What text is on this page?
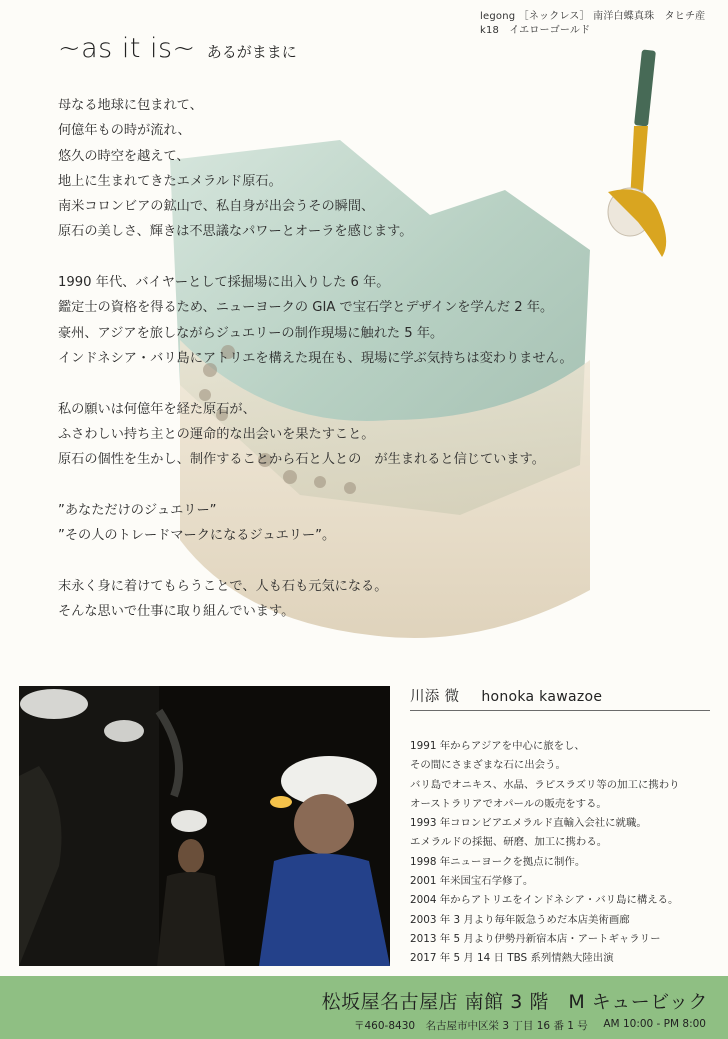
legong ［ネックレス］ 南洋白蝶真珠　タヒチ産
k18　イエローゴールド
~as it is~ あるがままに
母なる地球に包まれて、
何億年もの時が流れ、
悠久の時空を越えて、
地上に生まれてきたエメラルド原石。
南米コロンビアの鉱山で、私自身が出会うその瞬間、
原石の美しさ、輝きは不思議なパワーとオーラを感じます。
1990 年代、バイヤーとして採掘場に出入りした 6 年。
鑑定士の資格を得るため、ニューヨークの GIA で宝石学とデザインを学んだ 2 年。
豪州、アジアを旅しながらジュエリーの制作現場に触れた 5 年。
インドネシア・バリ島にアトリエを構えた現在も、現場に学ぶ気持ちは変わりません。
私の願いは何億年を経た原石が、
ふさわしい持ち主との運命的な出会いを果たすこと。
原石の個性を生かし、制作することから石と人との　が生まれると信じています。
”あなただけのジュエリー”
”その人のトレードマークになるジュエリー”。
末永く身に着けてもらうことで、人も石も元気になる。
そんな思いで仕事に取り組んでいます。
川添 微 honoka kawazoe
1991 年からアジアを中心に旅をし、
その間にさまざまな石に出会う。
バリ島でオニキス、水晶、ラピスラズリ等の加工に携わり
オーストラリアでオパールの販売をする。
1993 年コロンビアエメラルド直輸入会社に就職。
エメラルドの採掘、研磨、加工に携わる。
1998 年ニューヨークを拠点に制作。
2001 年米国宝石学修了。
2004 年からアトリエをインドネシア・バリ島に構える。
2003 年 3 月より毎年阪急うめだ本店美術画廊
2013 年 5 月より伊勢丹新宿本店・アートギャラリー
2017 年 5 月 14 日 TBS 系列情熱大陸出演
松坂屋名古屋店 南館 3 階　M キュービック
〒460-8430　名古屋市中区栄 3 丁目 16 番 1 号 AM 10:00 - PM 8:00
